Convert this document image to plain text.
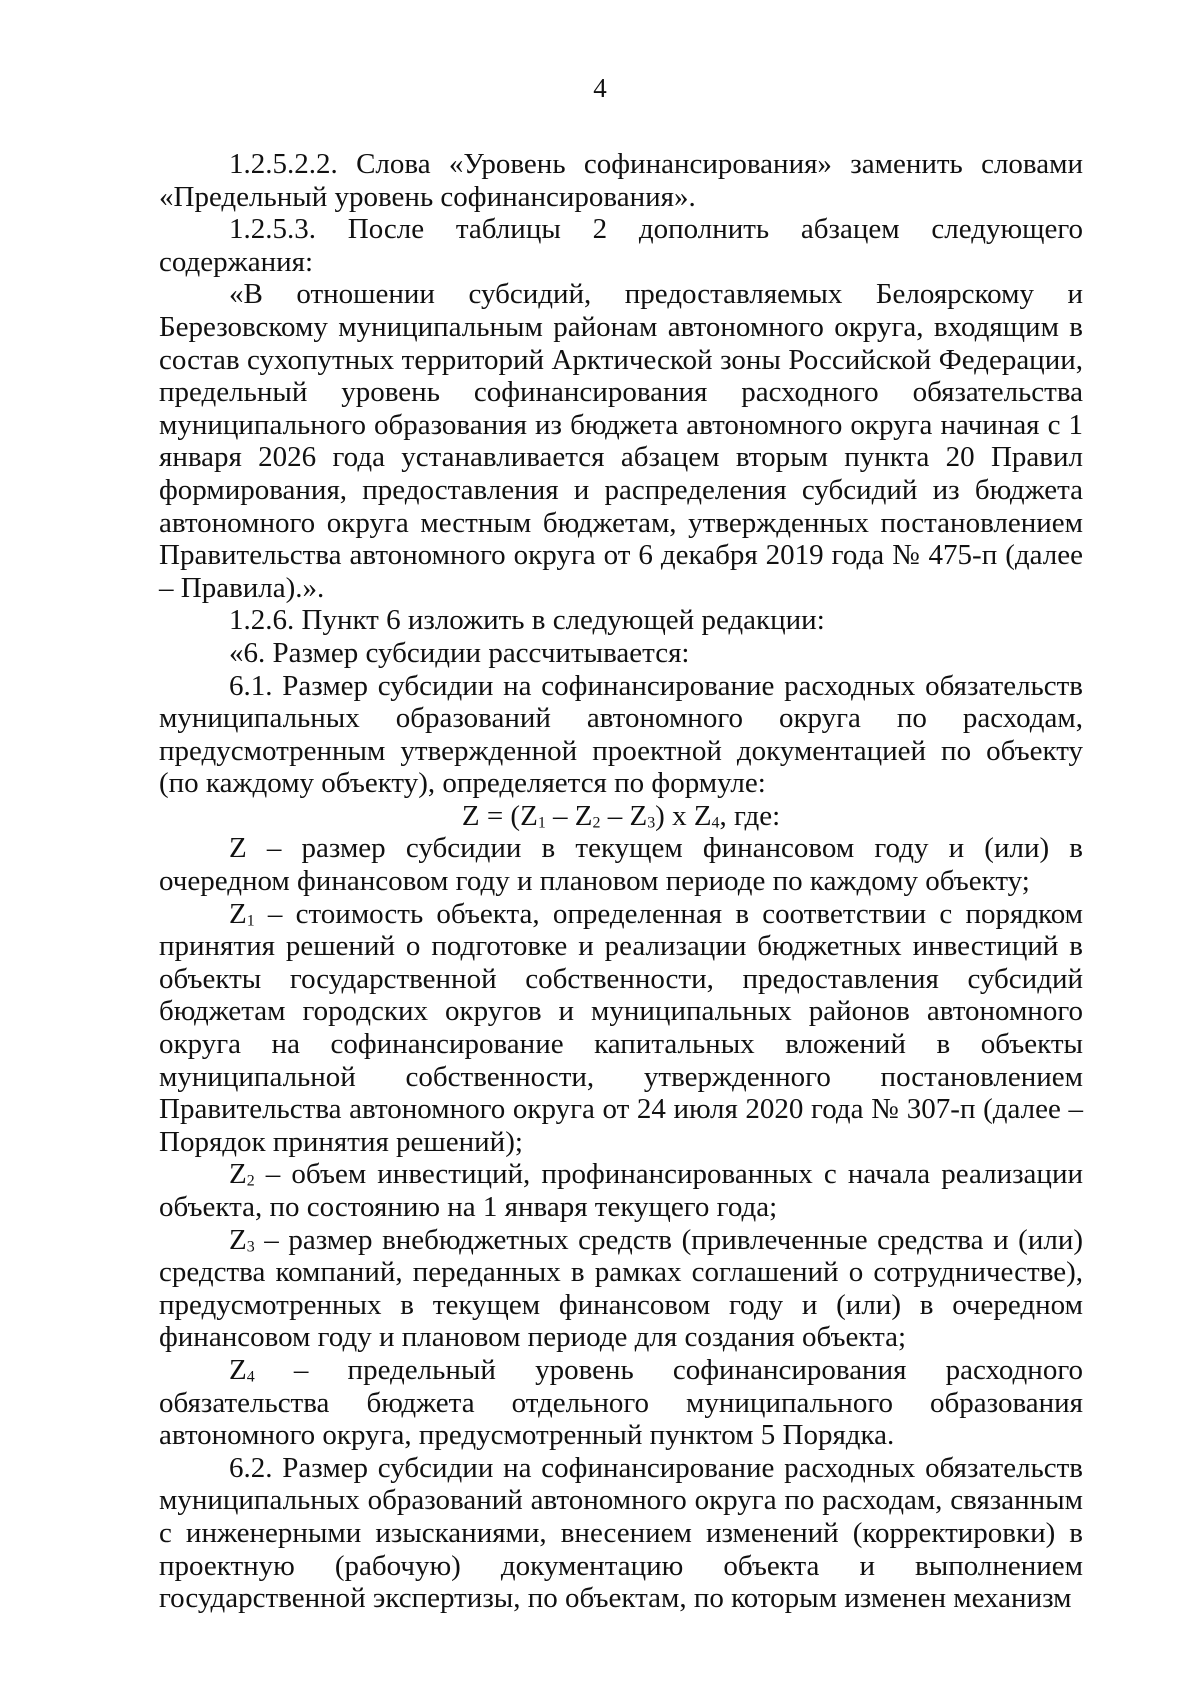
4

1.2.5.2.2. Слова «Уровень софинансирования» заменить словами «Предельный уровень софинансирования».

1.2.5.3. После таблицы 2 дополнить абзацем следующего содержания:

«В отношении субсидий, предоставляемых Белоярскому и Березовскому муниципальным районам автономного округа, входящим в состав сухопутных территорий Арктической зоны Российской Федерации, предельный уровень софинансирования расходного обязательства муниципального образования из бюджета автономного округа начиная с 1 января 2026 года устанавливается абзацем вторым пункта 20 Правил формирования, предоставления и распределения субсидий из бюджета автономного округа местным бюджетам, утвержденных постановлением Правительства автономного округа от 6 декабря 2019 года № 475-п (далее – Правила).».

1.2.6. Пункт 6 изложить в следующей редакции:

«6. Размер субсидии рассчитывается:

6.1. Размер субсидии на софинансирование расходных обязательств муниципальных образований автономного округа по расходам, предусмотренным утвержденной проектной документацией по объекту (по каждому объекту), определяется по формуле:

$Z = (Z_1 - Z_2 - Z_3)$ x $Z_4$, где:

Z – размер субсидии в текущем финансовом году и (или) в очередном финансовом году и плановом периоде по каждому объекту;

$Z_1$ – стоимость объекта, определенная в соответствии с порядком принятия решений о подготовке и реализации бюджетных инвестиций в объекты государственной собственности, предоставления субсидий бюджетам городских округов и муниципальных районов автономного округа на софинансирование капитальных вложений в объекты муниципальной собственности, утвержденного постановлением Правительства автономного округа от 24 июля 2020 года № 307-п (далее – Порядок принятия решений);

$Z_2$ – объем инвестиций, профинансированных с начала реализации объекта, по состоянию на 1 января текущего года;

$Z_3$ – размер внебюджетных средств (привлеченные средства и (или) средства компаний, переданных в рамках соглашений о сотрудничестве), предусмотренных в текущем финансовом году и (или) в очередном финансовом году и плановом периоде для создания объекта;

$Z_4$ – предельный уровень софинансирования расходного обязательства бюджета отдельного муниципального образования автономного округа, предусмотренный пунктом 5 Порядка.

6.2. Размер субсидии на софинансирование расходных обязательств муниципальных образований автономного округа по расходам, связанным с инженерными изысканиями, внесением изменений (корректировки) в проектную (рабочую) документацию объекта и выполнением государственной экспертизы, по объектам, по которым изменен механизм
